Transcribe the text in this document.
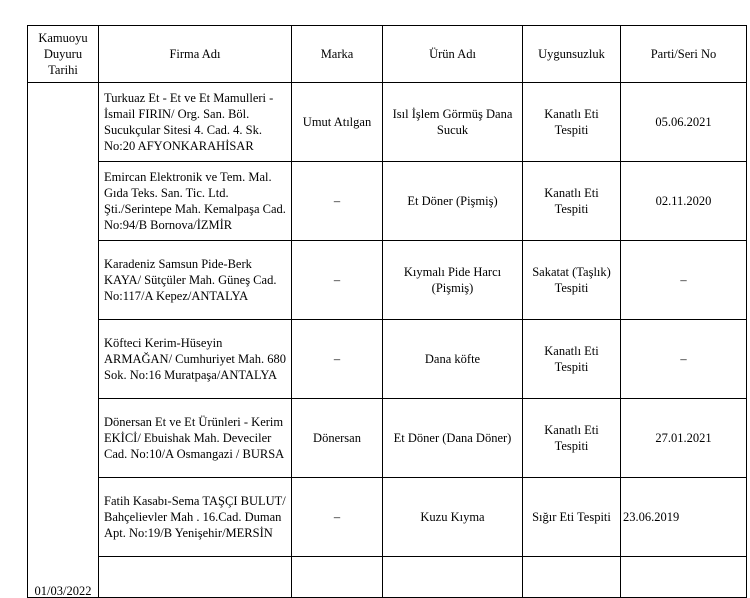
Kamuoyu Duyuru Tarihi	Firma Adı	Marka	Ürün Adı	Uygunsuzluk	Parti/Seri No

01/03/2022	Turkuaz Et - Et ve Et Mamulleri - İsmail FIRIN/ Org. San. Böl. Sucukçular Sitesi 4. Cad. 4. Sk. No:20 AFYONKARAHİSAR	Umut Atılgan	Isıl İşlem Görmüş Dana Sucuk	Kanatlı Eti Tespiti	05.06.2021
	Emircan Elektronik ve Tem. Mal. Gıda Teks. San. Tic. Ltd. Şti./Serintepe Mah. Kemalpaşa Cad. No:94/B Bornova/İZMİR	–	Et Döner (Pişmiş)	Kanatlı Eti Tespiti	02.11.2020
	Karadeniz Samsun Pide-Berk KAYA/ Sütçüler Mah. Güneş Cad. No:117/A Kepez/ANTALYA	–	Kıymalı Pide Harcı (Pişmiş)	Sakatat (Taşlık) Tespiti	–
	Köfteci Kerim-Hüseyin ARMAĞAN/ Cumhuriyet Mah. 680 Sok. No:16 Muratpaşa/ANTALYA	–	Dana köfte	Kanatlı Eti Tespiti	–
	Dönersan Et ve Et Ürünleri - Kerim EKİCİ/ Ebuishak Mah. Deveciler Cad. No:10/A Osmangazi / BURSA	Dönersan	Et Döner (Dana Döner)	Kanatlı Eti Tespiti	27.01.2021
	Fatih Kasabı-Sema TAŞÇI BULUT/ Bahçelievler Mah . 16.Cad. Duman Apt. No:19/B Yenişehir/MERSİN	–	Kuzu Kıyma	Sığır Eti Tespiti	23.06.2019
